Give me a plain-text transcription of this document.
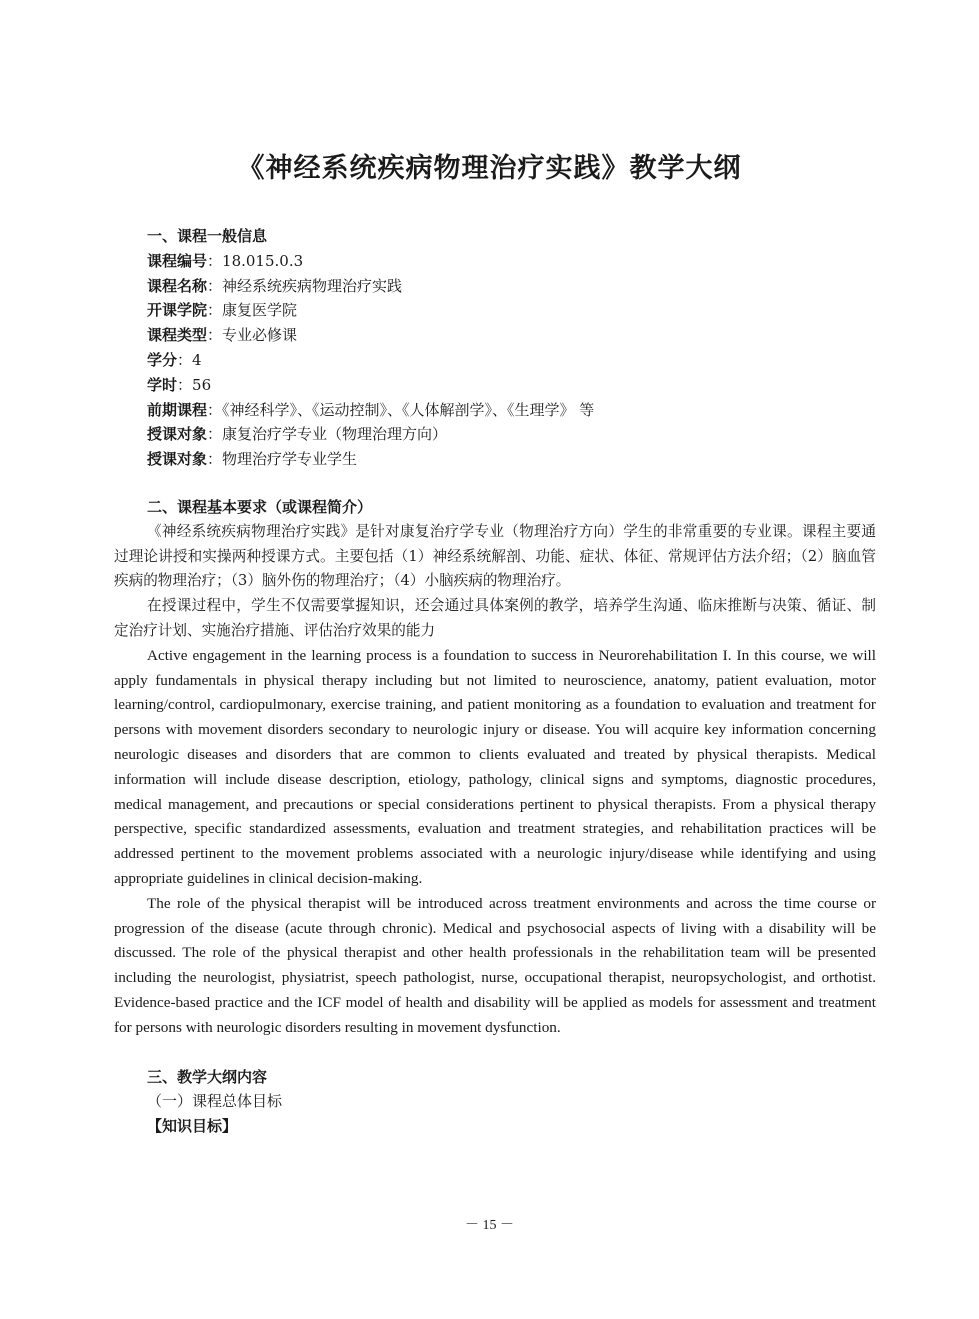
《神经系统疾病物理治疗实践》教学大纲
一、课程一般信息
课程编号：18.015.0.3
课程名称：神经系统疾病物理治疗实践
开课学院：康复医学院
课程类型：专业必修课
学分：4
学时：56
前期课程：《神经科学》、《运动控制》、《人体解剖学》、《生理学》 等
授课对象：康复治疗学专业（物理治理方向）
授课对象：物理治疗学专业学生
二、课程基本要求（或课程简介）

《神经系统疾病物理治疗实践》是针对康复治疗学专业（物理治疗方向）学生的非常重要的专业课。课程主要通过理论讲授和实操两种授课方式。主要包括（1）神经系统解剖、功能、症状、体征、常规评估方法介绍；（2）脑血管疾病的物理治疗；（3）脑外伤的物理治疗；（4）小脑疾病的物理治疗。

在授课过程中，学生不仅需要掌握知识，还会通过具体案例的教学，培养学生沟通、临床推断与决策、循证、制定治疗计划、实施治疗措施、评估治疗效果的能力

Active engagement in the learning process is a foundation to success in Neurorehabilitation I. In this course, we will apply fundamentals in physical therapy including but not limited to neuroscience, anatomy, patient evaluation, motor learning/control, cardiopulmonary, exercise training, and patient monitoring as a foundation to evaluation and treatment for persons with movement disorders secondary to neurologic injury or disease. You will acquire key information concerning neurologic diseases and disorders that are common to clients evaluated and treated by physical therapists. Medical information will include disease description, etiology, pathology, clinical signs and symptoms, diagnostic procedures, medical management, and precautions or special considerations pertinent to physical therapists. From a physical therapy perspective, specific standardized assessments, evaluation and treatment strategies, and rehabilitation practices will be addressed pertinent to the movement problems associated with a neurologic injury/disease while identifying and using appropriate guidelines in clinical decision-making.

The role of the physical therapist will be introduced across treatment environments and across the time course or progression of the disease (acute through chronic). Medical and psychosocial aspects of living with a disability will be discussed. The role of the physical therapist and other health professionals in the rehabilitation team will be presented including the neurologist, physiatrist, speech pathologist, nurse, occupational therapist, neuropsychologist, and orthotist. Evidence-based practice and the ICF model of health and disability will be applied as models for assessment and treatment for persons with neurologic disorders resulting in movement dysfunction.

三、教学大纲内容
（一）课程总体目标
【知识目标】
－ 15 －
